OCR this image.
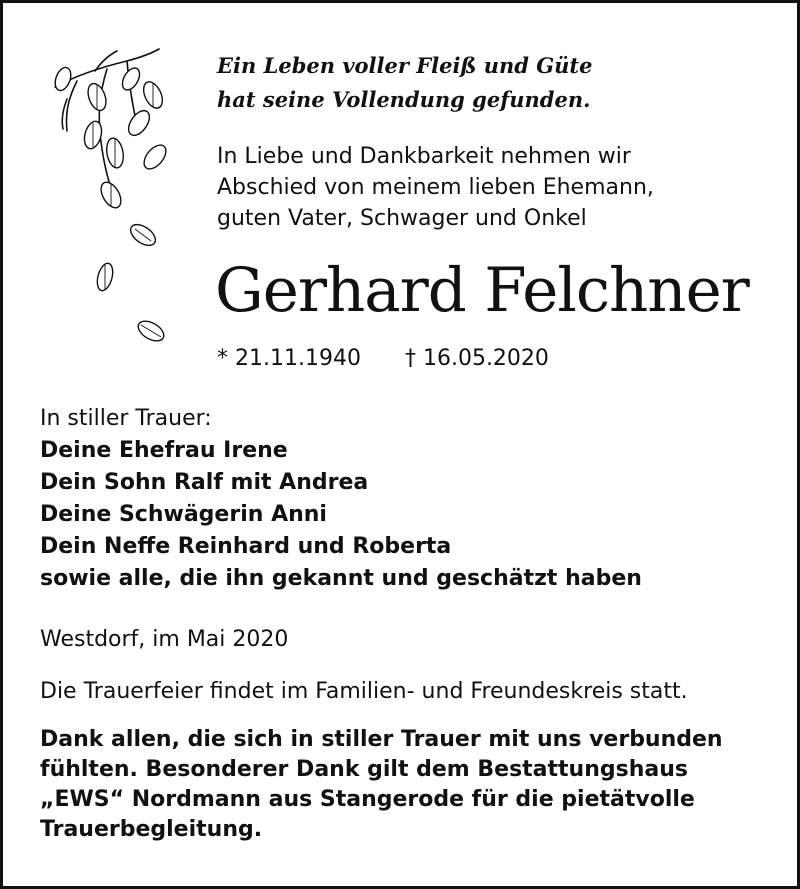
Ein Leben voller Fleiß und Güte
hat seine Vollendung gefunden.
In Liebe und Dankbarkeit nehmen wir
Abschied von meinem lieben Ehemann,
guten Vater, Schwager und Onkel
Gerhard Felchner
* 21.11.1940 † 16.05.2020
In stiller Trauer:
Deine Ehefrau Irene
Dein Sohn Ralf mit Andrea
Deine Schwägerin Anni
Dein Neffe Reinhard und Roberta
sowie alle, die ihn gekannt und geschätzt haben
Westdorf, im Mai 2020
Die Trauerfeier findet im Familien- und Freundeskreis statt.
Dank allen, die sich in stiller Trauer mit uns verbunden
fühlten. Besonderer Dank gilt dem Bestattungshaus
„EWS“ Nordmann aus Stangerode für die pietätvolle
Trauerbegleitung.
